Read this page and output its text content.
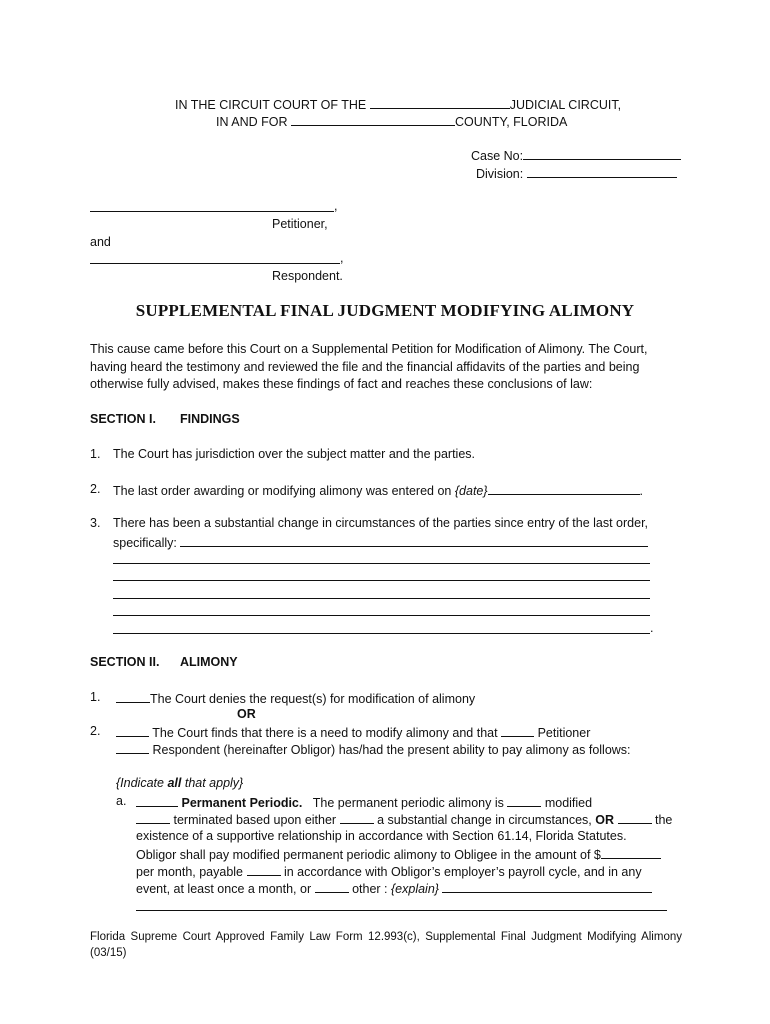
IN THE CIRCUIT COURT OF THE	JUDICIAL CIRCUIT,
IN AND FOR	COUNTY, FLORIDA
Case No:
Division:
,
Petitioner,
and
,
Respondent.
SUPPLEMENTAL FINAL JUDGMENT MODIFYING ALIMONY
This cause came before this Court on a Supplemental Petition for Modification of Alimony. The Court, having heard the testimony and reviewed the file and the financial affidavits of the parties and being otherwise fully advised, makes these findings of fact and reaches these conclusions of law:
SECTION I. FINDINGS
1. The Court has jurisdiction over the subject matter and the parties.
2. The last order awarding or modifying alimony was entered on {date}	.
3. There has been a substantial change in circumstances of the parties since entry of the last order,
specifically:
.
SECTION II. ALIMONY
1.	The Court denies the request(s) for modification of alimony
OR
2.	The Court finds that there is a need to modify alimony and that	Petitioner
Respondent (hereinafter Obligor) has/had the present ability to pay alimony as follows:
{Indicate all that apply}
a.	Permanent Periodic. The permanent periodic alimony is	modified
terminated based upon either	a substantial change in circumstances, OR	the
existence of a supportive relationship in accordance with Section 61.14, Florida Statutes.
Obligor shall pay modified permanent periodic alimony to Obligee in the amount of $
per month, payable	in accordance with Obligor’s employer’s payroll cycle, and in any
event, at least once a month, or	other : {explain}
Florida Supreme Court Approved Family Law Form 12.993(c), Supplemental Final Judgment Modifying Alimony (03/15)
